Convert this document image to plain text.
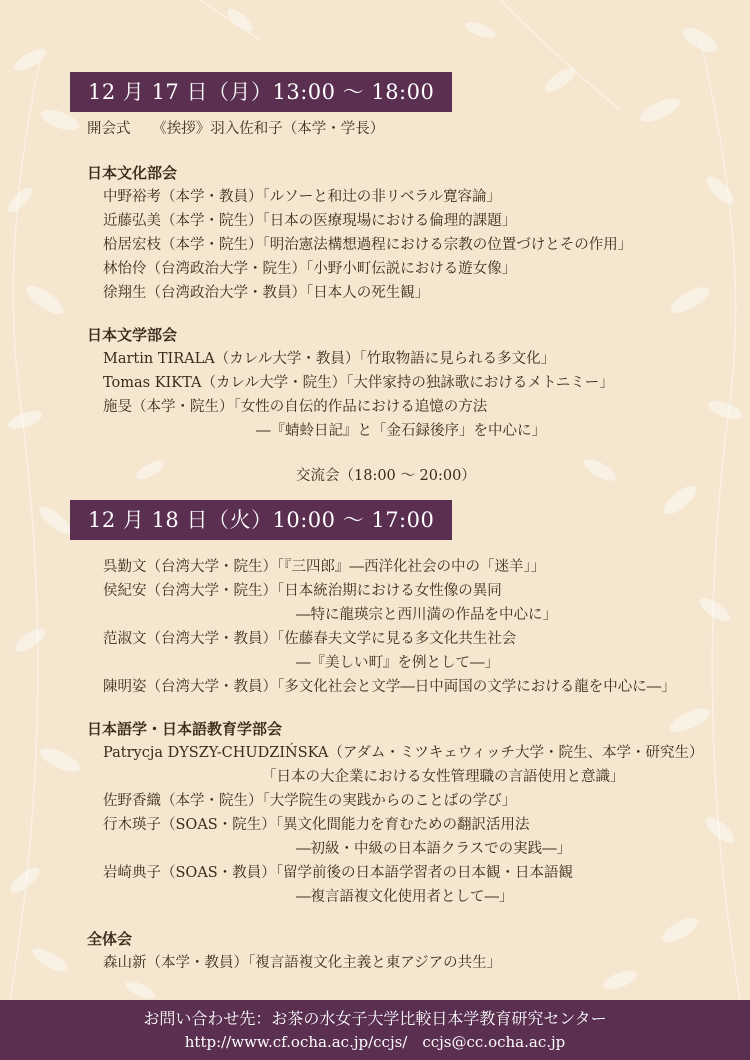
12 月 17 日（月）13:00 〜 18:00
開会式　　《挨拶》羽入佐和子（本学・学長）
日本文化部会
中野裕考（本学・教員）「ルソーと和辻の非リベラル寛容論」
近藤弘美（本学・院生）「日本の医療現場における倫理的課題」
柗居宏枝（本学・院生）「明治憲法構想過程における宗教の位置づけとその作用」
林怡伶（台湾政治大学・院生）「小野小町伝説における遊女像」
徐翔生（台湾政治大学・教員）「日本人の死生観」
日本文学部会
Martin TIRALA（カレル大学・教員）「竹取物語に見られる多文化」
Tomas KIKTA（カレル大学・院生）「大伴家持の独詠歌におけるメトニミー」
施旻（本学・院生）「女性の自伝的作品における追憶の方法
―『蜻蛉日記』と「金石録後序」を中心に」
交流会（18:00 〜 20:00）
12 月 18 日（火）10:00 〜 17:00
呉勤文（台湾大学・院生）「『三四郎』―西洋化社会の中の「迷羊」」
侯紀安（台湾大学・院生）「日本統治期における女性像の異同
―特に龍瑛宗と西川満の作品を中心に」
范淑文（台湾大学・教員）「佐藤春夫文学に見る多文化共生社会
―『美しい町』を例として―」
陳明姿（台湾大学・教員）「多文化社会と文学―日中両国の文学における龍を中心に―」
日本語学・日本語教育学部会
Patrycja DYSZY-CHUDZIŃSKA（アダム・ミツキェウィッチ大学・院生、本学・研究生）
「日本の大企業における女性管理職の言語使用と意識」
佐野香織（本学・院生）「大学院生の実践からのことばの学び」
行木瑛子（SOAS・院生）「異文化間能力を育むための翻訳活用法
―初級・中級の日本語クラスでの実践―」
岩崎典子（SOAS・教員）「留学前後の日本語学習者の日本観・日本語観
―複言語複文化使用者として―」
全体会
森山新（本学・教員）「複言語複文化主義と東アジアの共生」
お問い合わせ先：お茶の水女子大学比較日本学教育研究センター
http://www.cf.ocha.ac.jp/ccjs/　ccjs@cc.ocha.ac.jp
